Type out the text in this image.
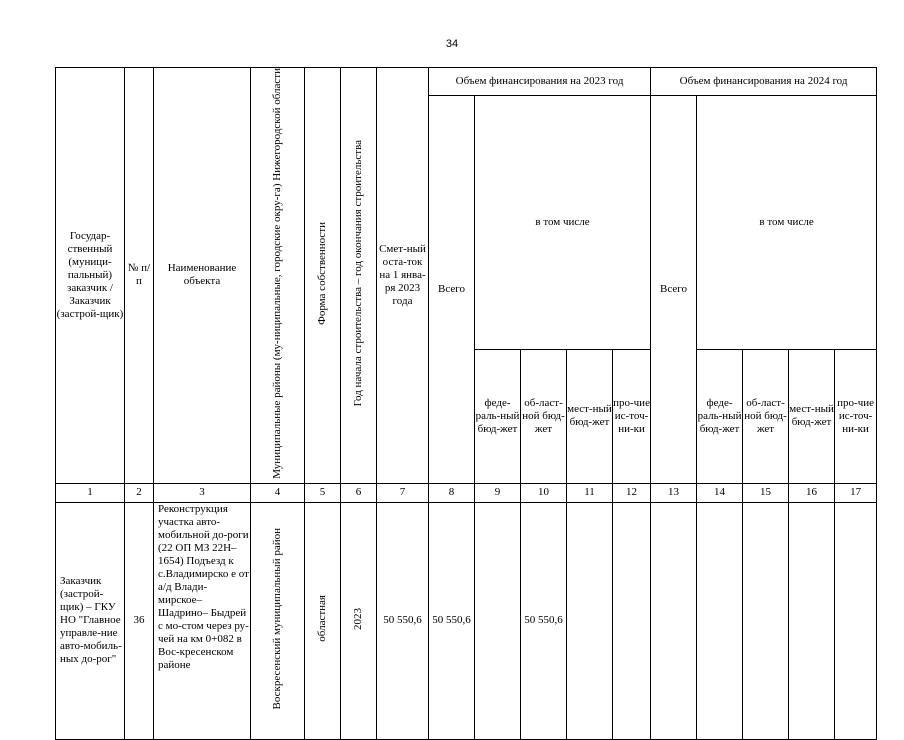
34
Государ-ственный (муници-пальный) заказчик / Заказчик (застрой-щик)	№ п/п	Наименование объекта	Муниципальные районы (му-ниципальные, городские окру-га) Нижегородской области	Форма собственности	Год начала строительства – год окончания строительства	Смет-ный оста-ток на 1 янва-ря 2023 года	Объем финансирования на 2023 год					Объем финансирования на 2024 год				
							Всего	в том числе				Всего	в том числе			
								феде-раль-ный бюд-жет	об-ласт-ной бюд-жет	мест-ный бюд-жет	про-чие ис-точ-ни-ки		феде-раль-ный бюд-жет	об-ласт-ной бюд-жет	мест-ный бюд-жет	про-чие ис-точ-ни-ки
1	2	3	4	5	6	7	8	9	10	11	12	13	14	15	16	17
Заказчик (застрой-щик) – ГКУ НО "Главное управле-ние авто-мобиль-ных до-рог"	36	Реконструкция участка авто-мобильной до-роги (22 ОП МЗ 22Н–1654) Подъезд к с.Владимирско е от а/д Влади-мирское– Шадрино– Быдрей с мо-стом через ру-чей на км 0+082 в Вос-кресенском районе	Воскресенский муниципальный район	областная	2023	50 550,6	50 550,6		50 550,6							
